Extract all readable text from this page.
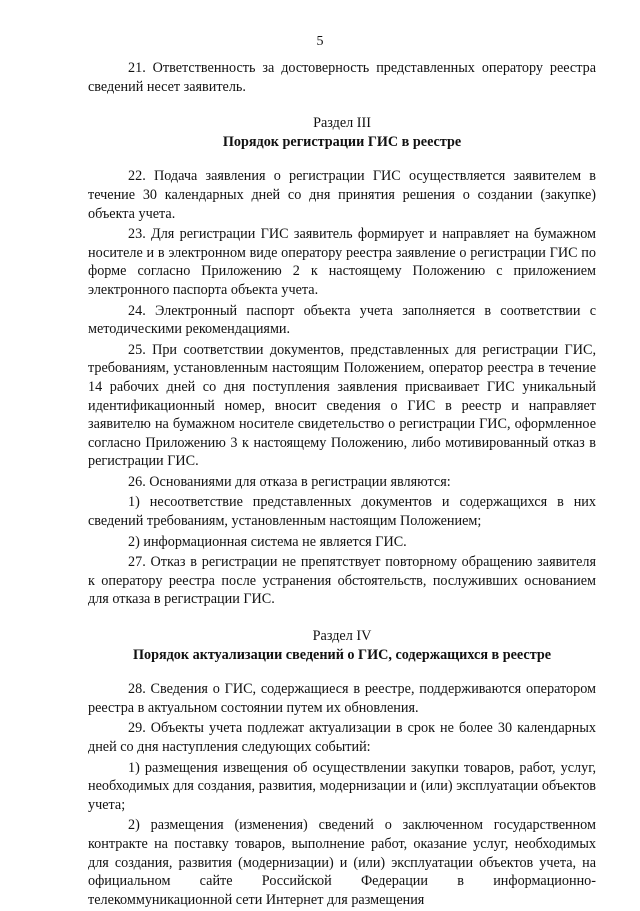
5

21. Ответственность за достоверность представленных оператору реестра сведений несет заявитель.

Раздел III

Порядок регистрации ГИС в реестре

22. Подача заявления о регистрации ГИС осуществляется заявителем в течение 30 календарных дней со дня принятия решения о создании (закупке) объекта учета.

23. Для регистрации ГИС заявитель формирует и направляет на бумажном носителе и в электронном виде оператору реестра заявление о регистрации ГИС по форме согласно Приложению 2 к настоящему Положению с приложением электронного паспорта объекта учета.

24. Электронный паспорт объекта учета заполняется в соответствии с методическими рекомендациями.

25. При соответствии документов, представленных для регистрации ГИС, требованиям, установленным настоящим Положением, оператор реестра в течение 14 рабочих дней со дня поступления заявления присваивает ГИС уникальный идентификационный номер, вносит сведения о ГИС в реестр и направляет заявителю на бумажном носителе свидетельство о регистрации ГИС, оформленное согласно Приложению 3 к настоящему Положению, либо мотивированный отказ в регистрации ГИС.

26. Основаниями для отказа в регистрации являются:

1) несоответствие представленных документов и содержащихся в них сведений требованиям, установленным настоящим Положением;

2) информационная система не является ГИС.

27. Отказ в регистрации не препятствует повторному обращению заявителя к оператору реестра после устранения обстоятельств, послуживших основанием для отказа в регистрации ГИС.

Раздел IV

Порядок актуализации сведений о ГИС, содержащихся в реестре

28. Сведения о ГИС, содержащиеся в реестре, поддерживаются оператором реестра в актуальном состоянии путем их обновления.

29. Объекты учета подлежат актуализации в срок не более 30 календарных дней со дня наступления следующих событий:

1) размещения извещения об осуществлении закупки товаров, работ, услуг, необходимых для создания, развития, модернизации и (или) эксплуатации объектов учета;

2) размещения (изменения) сведений о заключенном государственном контракте на поставку товаров, выполнение работ, оказание услуг, необходимых для создания, развития (модернизации) и (или) эксплуатации объектов учета, на официальном сайте Российской Федерации в информационно-телекоммуникационной сети Интернет для размещения
